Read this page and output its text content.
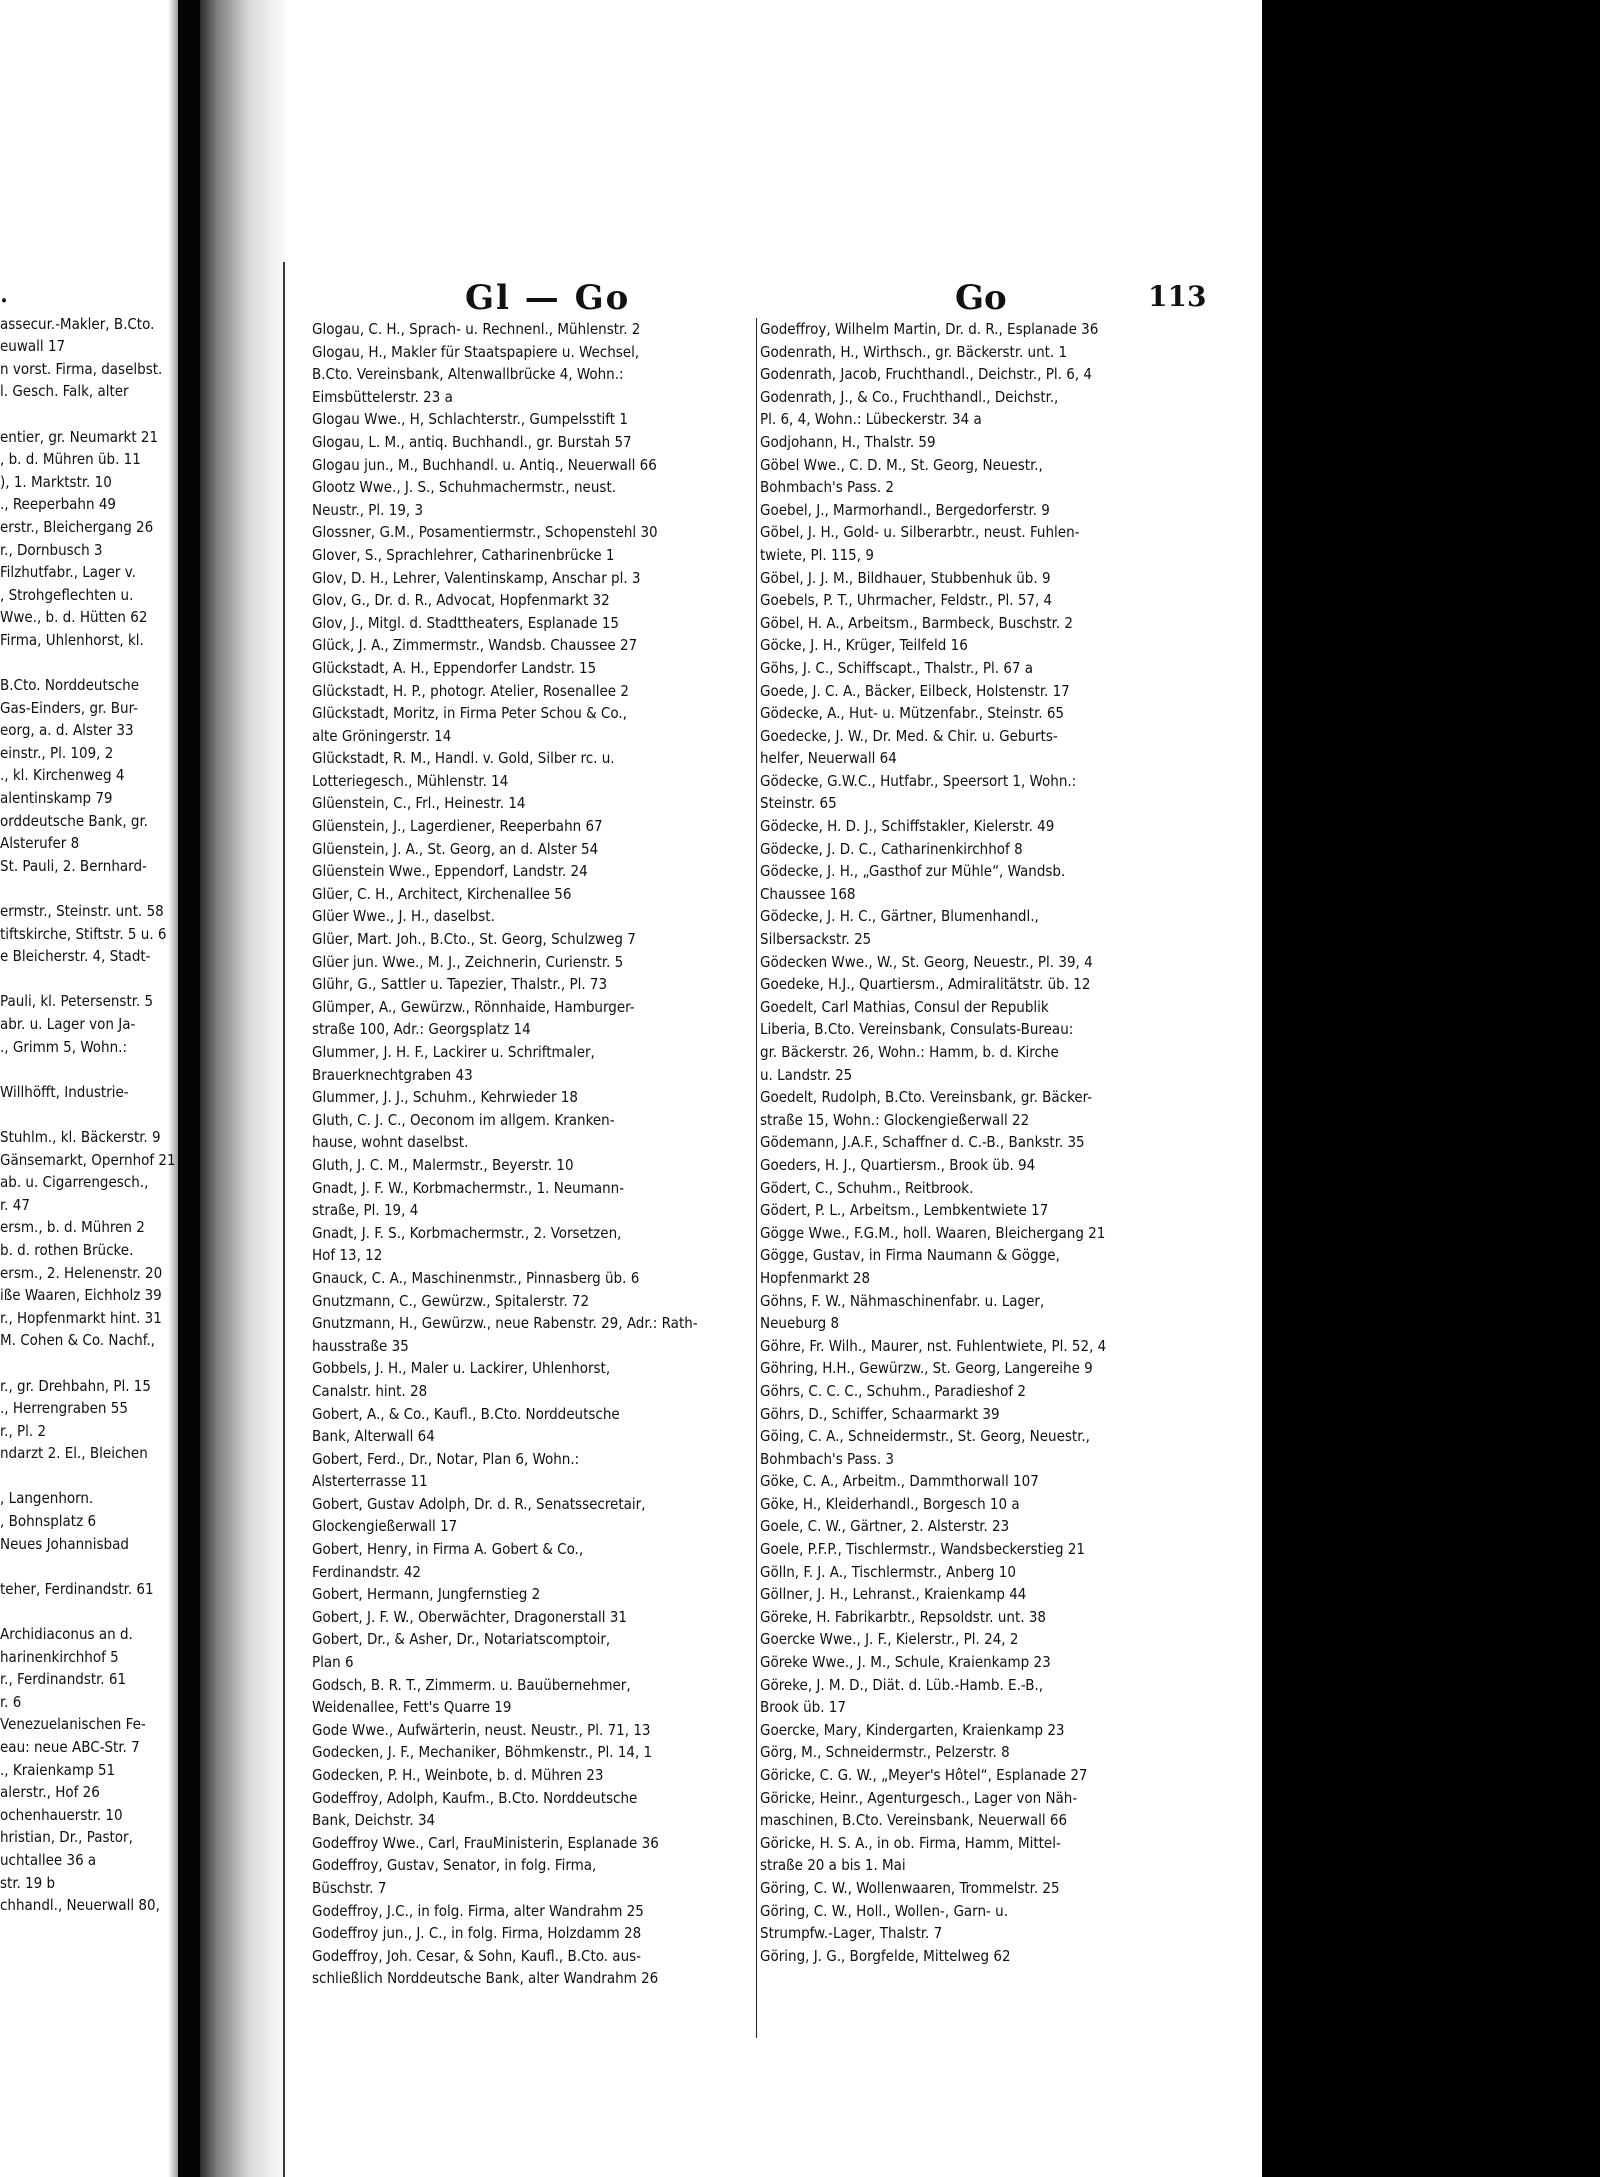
•
assecur.-Makler, B.Cto.
euwall 17
n vorst. Firma, daselbst.
l. Gesch. Falk, alter
entier, gr. Neumarkt 21
, b. d. Mühren üb. 11
), 1. Marktstr. 10
., Reeperbahn 49
erstr., Bleichergang 26
r., Dornbusch 3
Filzhutfabr., Lager v.
, Strohgeflechten u.
Wwe., b. d. Hütten 62
Firma, Uhlenhorst, kl.
B.Cto. Norddeutsche
Gas-Einders, gr. Bur-
eorg, a. d. Alster 33
einstr., Pl. 109, 2
., kl. Kirchenweg 4
alentinskamp 79
orddeutsche Bank, gr.
Alsterufer 8
St. Pauli, 2. Bernhard-
ermstr., Steinstr. unt. 58
tiftskirche, Stiftstr. 5 u. 6
e Bleicherstr. 4, Stadt-
Pauli, kl. Petersenstr. 5
abr. u. Lager von Ja-
., Grimm 5, Wohn.:
Willhöfft, Industrie-
Stuhlm., kl. Bäckerstr. 9
Gänsemarkt, Opernhof 21
ab. u. Cigarrengesch.,
r. 47
ersm., b. d. Mühren 2
b. d. rothen Brücke.
ersm., 2. Helenenstr. 20
iße Waaren, Eichholz 39
r., Hopfenmarkt hint. 31
M. Cohen & Co. Nachf.,
r., gr. Drehbahn, Pl. 15
., Herrengraben 55
r., Pl. 2
ndarzt 2. El., Bleichen
, Langenhorn.
, Bohnsplatz 6
Neues Johannisbad
teher, Ferdinandstr. 61
Archidiaconus an d.
harinenkirchhof 5
r., Ferdinandstr. 61
r. 6
Venezuelanischen Fe-
eau: neue ABC-Str. 7
., Kraienkamp 51
alerstr., Hof 26
ochenhauerstr. 10
hristian, Dr., Pastor,
uchtallee 36 a
str. 19 b
chhandl., Neuerwall 80,
Gl — Go	Go	113
Glogau, C. H., Sprach- u. Rechnenl., Mühlenstr. 2
Glogau, H., Makler für Staatspapiere u. Wechsel,
B.Cto. Vereinsbank, Altenwallbrücke 4, Wohn.:
Eimsbüttelerstr. 23 a
Glogau Wwe., H, Schlachterstr., Gumpelsstift 1
Glogau, L. M., antiq. Buchhandl., gr. Burstah 57
Glogau jun., M., Buchhandl. u. Antiq., Neuerwall 66
Glootz Wwe., J. S., Schuhmachermstr., neust.
Neustr., Pl. 19, 3
Glossner, G.M., Posamentiermstr., Schopenstehl 30
Glover, S., Sprachlehrer, Catharinenbrücke 1
Glov, D. H., Lehrer, Valentinskamp, Anschar pl. 3
Glov, G., Dr. d. R., Advocat, Hopfenmarkt 32
Glov, J., Mitgl. d. Stadttheaters, Esplanade 15
Glück, J. A., Zimmermstr., Wandsb. Chaussee 27
Glückstadt, A. H., Eppendorfer Landstr. 15
Glückstadt, H. P., photogr. Atelier, Rosenallee 2
Glückstadt, Moritz, in Firma Peter Schou & Co.,
alte Gröningerstr. 14
Glückstadt, R. M., Handl. v. Gold, Silber rc. u.
Lotteriegesch., Mühlenstr. 14
Glüenstein, C., Frl., Heinestr. 14
Glüenstein, J., Lagerdiener, Reeperbahn 67
Glüenstein, J. A., St. Georg, an d. Alster 54
Glüenstein Wwe., Eppendorf, Landstr. 24
Glüer, C. H., Architect, Kirchenallee 56
Glüer Wwe., J. H., daselbst.
Glüer, Mart. Joh., B.Cto., St. Georg, Schulzweg 7
Glüer jun. Wwe., M. J., Zeichnerin, Curienstr. 5
Glühr, G., Sattler u. Tapezier, Thalstr., Pl. 73
Glümper, A., Gewürzw., Rönnhaide, Hamburger-
straße 100, Adr.: Georgsplatz 14
Glummer, J. H. F., Lackirer u. Schriftmaler,
Brauerknechtgraben 43
Glummer, J. J., Schuhm., Kehrwieder 18
Gluth, C. J. C., Oeconom im allgem. Kranken-
hause, wohnt daselbst.
Gluth, J. C. M., Malermstr., Beyerstr. 10
Gnadt, J. F. W., Korbmachermstr., 1. Neumann-
straße, Pl. 19, 4
Gnadt, J. F. S., Korbmachermstr., 2. Vorsetzen,
Hof 13, 12
Gnauck, C. A., Maschinenmstr., Pinnasberg üb. 6
Gnutzmann, C., Gewürzw., Spitalerstr. 72
Gnutzmann, H., Gewürzw., neue Rabenstr. 29, Adr.: Rath-
hausstraße 35
Gobbels, J. H., Maler u. Lackirer, Uhlenhorst,
Canalstr. hint. 28
Gobert, A., & Co., Kaufl., B.Cto. Norddeutsche
Bank, Alterwall 64
Gobert, Ferd., Dr., Notar, Plan 6, Wohn.:
Alsterterrasse 11
Gobert, Gustav Adolph, Dr. d. R., Senatssecretair,
Glockengießerwall 17
Gobert, Henry, in Firma A. Gobert & Co.,
Ferdinandstr. 42
Gobert, Hermann, Jungfernstieg 2
Gobert, J. F. W., Oberwächter, Dragonerstall 31
Gobert, Dr., & Asher, Dr., Notariatscomptoir,
Plan 6
Godsch, B. R. T., Zimmerm. u. Bauübernehmer,
Weidenallee, Fett's Quarre 19
Gode Wwe., Aufwärterin, neust. Neustr., Pl. 71, 13
Godecken, J. F., Mechaniker, Böhmkenstr., Pl. 14, 1
Godecken, P. H., Weinbote, b. d. Mühren 23
Godeffroy, Adolph, Kaufm., B.Cto. Norddeutsche
Bank, Deichstr. 34
Godeffroy Wwe., Carl, FrauMinisterin, Esplanade 36
Godeffroy, Gustav, Senator, in folg. Firma,
Büschstr. 7
Godeffroy, J.C., in folg. Firma, alter Wandrahm 25
Godeffroy jun., J. C., in folg. Firma, Holzdamm 28
Godeffroy, Joh. Cesar, & Sohn, Kaufl., B.Cto. aus-
schließlich Norddeutsche Bank, alter Wandrahm 26
Godeffroy, Wilhelm Martin, Dr. d. R., Esplanade 36
Godenrath, H., Wirthsch., gr. Bäckerstr. unt. 1
Godenrath, Jacob, Fruchthandl., Deichstr., Pl. 6, 4
Godenrath, J., & Co., Fruchthandl., Deichstr.,
Pl. 6, 4, Wohn.: Lübeckerstr. 34 a
Godjohann, H., Thalstr. 59
Göbel Wwe., C. D. M., St. Georg, Neuestr.,
Bohmbach's Pass. 2
Goebel, J., Marmorhandl., Bergedorferstr. 9
Göbel, J. H., Gold- u. Silberarbtr., neust. Fuhlen-
twiete, Pl. 115, 9
Göbel, J. J. M., Bildhauer, Stubbenhuk üb. 9
Goebels, P. T., Uhrmacher, Feldstr., Pl. 57, 4
Göbel, H. A., Arbeitsm., Barmbeck, Buschstr. 2
Göcke, J. H., Krüger, Teilfeld 16
Göhs, J. C., Schiffscapt., Thalstr., Pl. 67 a
Goede, J. C. A., Bäcker, Eilbeck, Holstenstr. 17
Gödecke, A., Hut- u. Mützenfabr., Steinstr. 65
Goedecke, J. W., Dr. Med. & Chir. u. Geburts-
helfer, Neuerwall 64
Gödecke, G.W.C., Hutfabr., Speersort 1, Wohn.:
Steinstr. 65
Gödecke, H. D. J., Schiffstakler, Kielerstr. 49
Gödecke, J. D. C., Catharinenkirchhof 8
Gödecke, J. H., „Gasthof zur Mühle“, Wandsb.
Chaussee 168
Gödecke, J. H. C., Gärtner, Blumenhandl.,
Silbersackstr. 25
Gödecken Wwe., W., St. Georg, Neuestr., Pl. 39, 4
Goedeke, H.J., Quartiersm., Admiralitätstr. üb. 12
Goedelt, Carl Mathias, Consul der Republik
Liberia, B.Cto. Vereinsbank, Consulats-Bureau:
gr. Bäckerstr. 26, Wohn.: Hamm, b. d. Kirche
u. Landstr. 25
Goedelt, Rudolph, B.Cto. Vereinsbank, gr. Bäcker-
straße 15, Wohn.: Glockengießerwall 22
Gödemann, J.A.F., Schaffner d. C.-B., Bankstr. 35
Goeders, H. J., Quartiersm., Brook üb. 94
Gödert, C., Schuhm., Reitbrook.
Gödert, P. L., Arbeitsm., Lembkentwiete 17
Gögge Wwe., F.G.M., holl. Waaren, Bleichergang 21
Gögge, Gustav, in Firma Naumann & Gögge,
Hopfenmarkt 28
Göhns, F. W., Nähmaschinenfabr. u. Lager,
Neueburg 8
Göhre, Fr. Wilh., Maurer, nst. Fuhlentwiete, Pl. 52, 4
Göhring, H.H., Gewürzw., St. Georg, Langereihe 9
Göhrs, C. C. C., Schuhm., Paradieshof 2
Göhrs, D., Schiffer, Schaarmarkt 39
Göing, C. A., Schneidermstr., St. Georg, Neuestr.,
Bohmbach's Pass. 3
Göke, C. A., Arbeitm., Dammthorwall 107
Göke, H., Kleiderhandl., Borgesch 10 a
Goele, C. W., Gärtner, 2. Alsterstr. 23
Goele, P.F.P., Tischlermstr., Wandsbeckerstieg 21
Gölln, F. J. A., Tischlermstr., Anberg 10
Göllner, J. H., Lehranst., Kraienkamp 44
Göreke, H. Fabrikarbtr., Repsoldstr. unt. 38
Goercke Wwe., J. F., Kielerstr., Pl. 24, 2
Göreke Wwe., J. M., Schule, Kraienkamp 23
Göreke, J. M. D., Diät. d. Lüb.-Hamb. E.-B.,
Brook üb. 17
Goercke, Mary, Kindergarten, Kraienkamp 23
Görg, M., Schneidermstr., Pelzerstr. 8
Göricke, C. G. W., „Meyer's Hôtel“, Esplanade 27
Göricke, Heinr., Agenturgesch., Lager von Näh-
maschinen, B.Cto. Vereinsbank, Neuerwall 66
Göricke, H. S. A., in ob. Firma, Hamm, Mittel-
straße 20 a bis 1. Mai
Göring, C. W., Wollenwaaren, Trommelstr. 25
Göring, C. W., Holl., Wollen-, Garn- u.
Strumpfw.-Lager, Thalstr. 7
Göring, J. G., Borgfelde, Mittelweg 62
